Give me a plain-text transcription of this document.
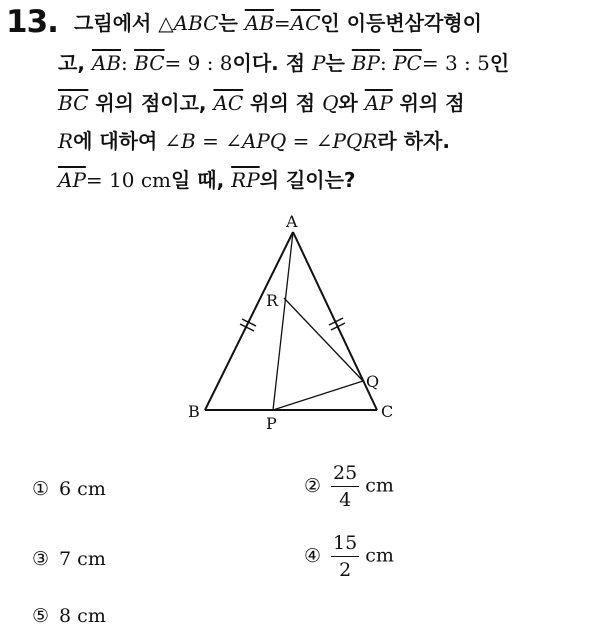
13. 그림에서 △ABC는 $\overline{AB}=\overline{AC}$인 이등변삼각형이
고, $\overline{AB}$: $\overline{BC}= 9$ : 8이다. 점 P는 $\overline{BP}$: $\overline{PC}= 3$ : 5인
$\overline{BC}$ 위의 점이고, $\overline{AC}$ 위의 점 Q와 $\overline{AP}$ 위의 점
R에 대하여 ∠B = ∠APQ = ∠PQR라 하자.
$\overline{AP}= 10$ cm일 때, $\overline{RP}$의 길이는?
A
B	C
P
Q
R
① 6 cm	② $\frac{25}{4}$ cm
③ 7 cm	④ $\frac{15}{2}$ cm
⑤ 8 cm
